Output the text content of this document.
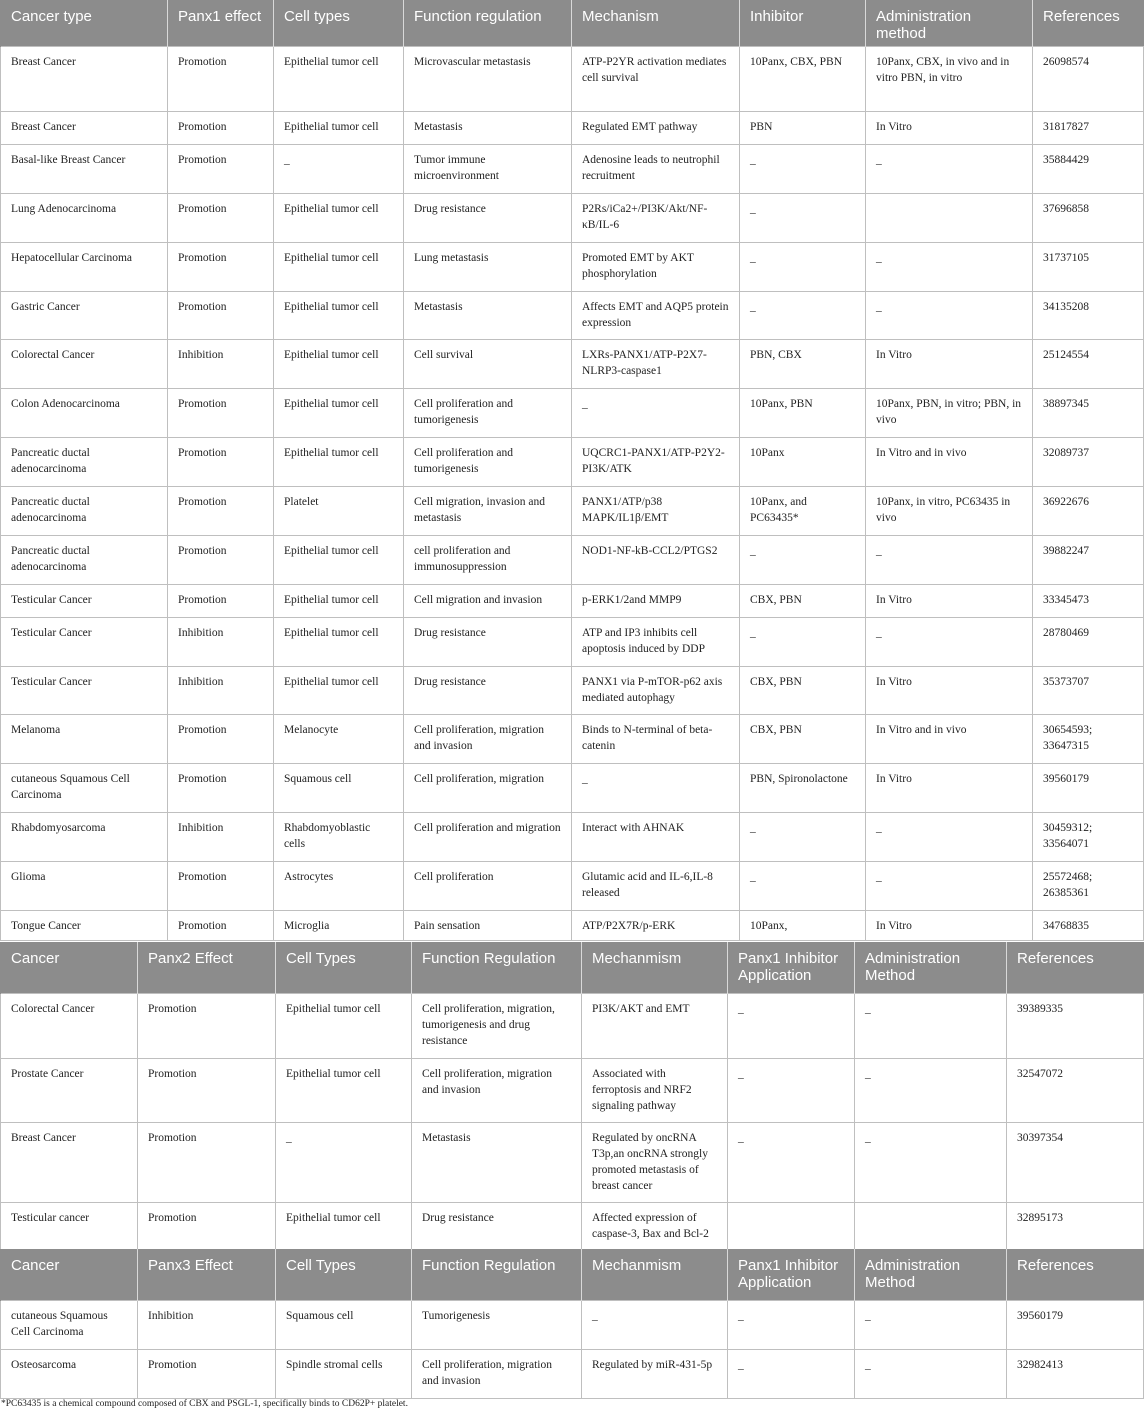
Cancer type	Panx1 effect	Cell types	Function regulation	Mechanism	Inhibitor	Administration method	References
Breast Cancer	Promotion	Epithelial tumor cell	Microvascular metastasis	ATP-P2YR activation mediates cell survival	10Panx, CBX, PBN	10Panx, CBX, in vivo and in vitro PBN, in vitro	26098574
Breast Cancer	Promotion	Epithelial tumor cell	Metastasis	Regulated EMT pathway	PBN	In Vitro	31817827
Basal-like Breast Cancer	Promotion	_	Tumor immune microenvironment	Adenosine leads to neutrophil recruitment	_	_	35884429
Lung Adenocarcinoma	Promotion	Epithelial tumor cell	Drug resistance	P2Rs/iCa2+/PI3K/Akt/NF-κB/IL-6	_		37696858
Hepatocellular Carcinoma	Promotion	Epithelial tumor cell	Lung metastasis	Promoted EMT by AKT phosphorylation	_	_	31737105
Gastric Cancer	Promotion	Epithelial tumor cell	Metastasis	Affects EMT and AQP5 protein expression	_	_	34135208
Colorectal Cancer	Inhibition	Epithelial tumor cell	Cell survival	LXRs-PANX1/ATP-P2X7-NLRP3-caspase1	PBN, CBX	In Vitro	25124554
Colon Adenocarcinoma	Promotion	Epithelial tumor cell	Cell proliferation and tumorigenesis	_	10Panx, PBN	10Panx, PBN, in vitro; PBN, in vivo	38897345
Pancreatic ductal adenocarcinoma	Promotion	Epithelial tumor cell	Cell proliferation and tumorigenesis	UQCRC1-PANX1/ATP-P2Y2-PI3K/ATK	10Panx	In Vitro and in vivo	32089737
Pancreatic ductal adenocarcinoma	Promotion	Platelet	Cell migration, invasion and metastasis	PANX1/ATP/p38 MAPK/IL1β/EMT	10Panx, and PC63435*	10Panx, in vitro, PC63435 in vivo	36922676
Pancreatic ductal adenocarcinoma	Promotion	Epithelial tumor cell	cell proliferation and immunosuppression	NOD1-NF-kB-CCL2/PTGS2	_	_	39882247
Testicular Cancer	Promotion	Epithelial tumor cell	Cell migration and invasion	p-ERK1/2and MMP9	CBX, PBN	In Vitro	33345473
Testicular Cancer	Inhibition	Epithelial tumor cell	Drug resistance	ATP and IP3 inhibits cell apoptosis induced by DDP	_	_	28780469
Testicular Cancer	Inhibition	Epithelial tumor cell	Drug resistance	PANX1 via P-mTOR-p62 axis mediated autophagy	CBX, PBN	In Vitro	35373707
Melanoma	Promotion	Melanocyte	Cell proliferation, migration and invasion	Binds to N-terminal of beta-catenin	CBX, PBN	In Vitro and in vivo	30654593; 33647315
cutaneous Squamous Cell Carcinoma	Promotion	Squamous cell	Cell proliferation, migration	_	PBN, Spironolactone	In Vitro	39560179
Rhabdomyosarcoma	Inhibition	Rhabdomyoblastic cells	Cell proliferation and migration	Interact with AHNAK	_	_	30459312; 33564071
Glioma	Promotion	Astrocytes	Cell proliferation	Glutamic acid and IL-6,IL-8 released	_	_	25572468; 26385361
Tongue Cancer	Promotion	Microglia	Pain sensation	ATP/P2X7R/p-ERK	10Panx,	In Vitro	34768835
Cancer	Panx2 Effect	Cell Types	Function Regulation	Mechanmism	Panx1 Inhibitor Application	Administration Method	References
Colorectal Cancer	Promotion	Epithelial tumor cell	Cell proliferation, migration, tumorigenesis and drug resistance	PI3K/AKT and EMT	_	_	39389335
Prostate Cancer	Promotion	Epithelial tumor cell	Cell proliferation, migration and invasion	Associated with ferroptosis and NRF2 signaling pathway	_	_	32547072
Breast Cancer	Promotion	_	Metastasis	Regulated by oncRNA T3p,an oncRNA strongly promoted metastasis of breast cancer	_	_	30397354
Testicular cancer	Promotion	Epithelial tumor cell	Drug resistance	Affected expression of caspase-3, Bax and Bcl-2			32895173
Cancer	Panx3 Effect	Cell Types	Function Regulation	Mechanmism	Panx1 Inhibitor Application	Administration Method	References
cutaneous Squamous Cell Carcinoma	Inhibition	Squamous cell	Tumorigenesis	_	_	_	39560179
Osteosarcoma	Promotion	Spindle stromal cells	Cell proliferation, migration and invasion	Regulated by miR-431-5p	_	_	32982413
*PC63435 is a chemical compound composed of CBX and PSGL-1, specifically binds to CD62P+ platelet.
